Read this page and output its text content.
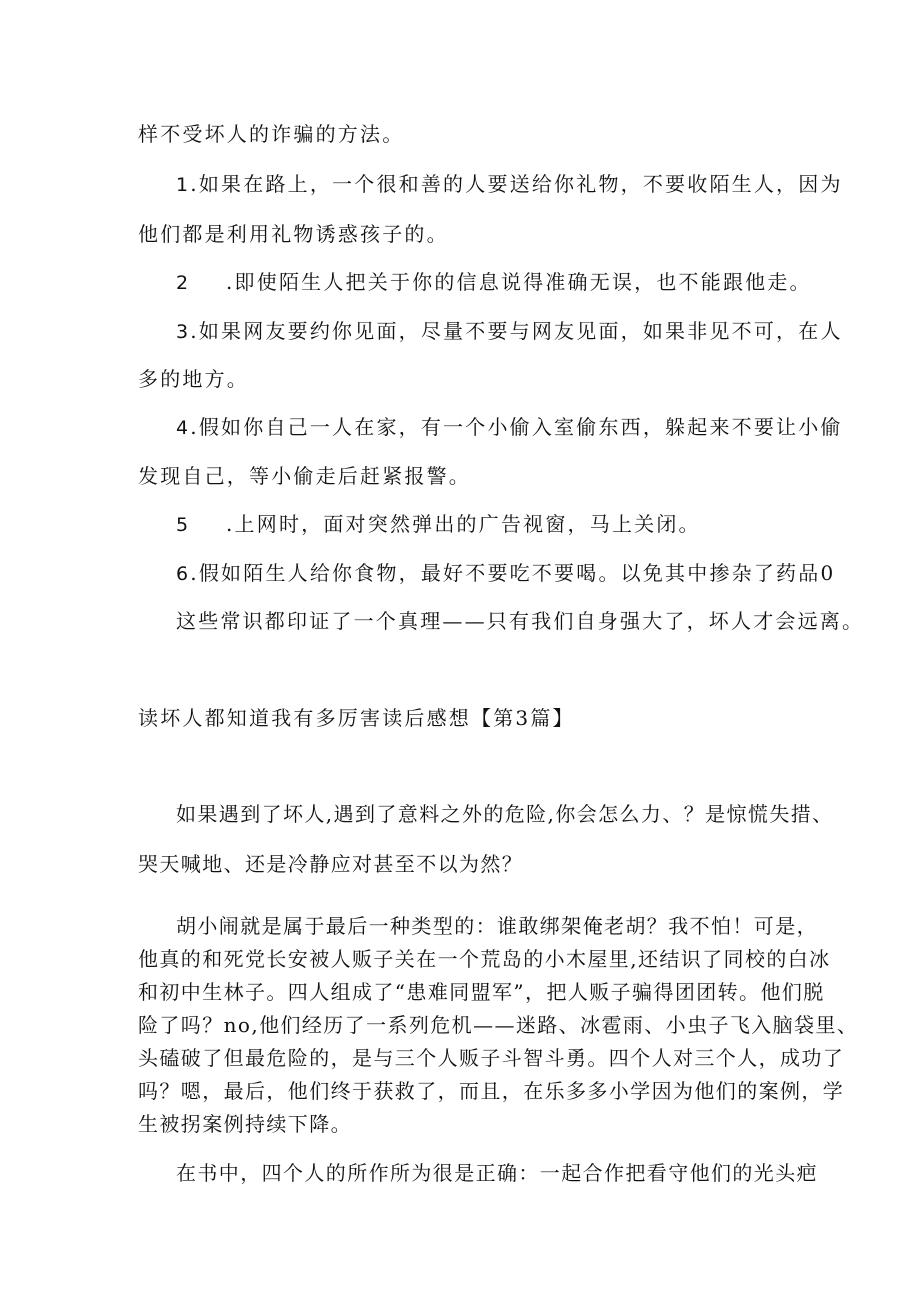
样不受坏人的诈骗的方法。
1.如果在路上，一个很和善的人要送给你礼物，不要收陌生人，因为
他们都是利用礼物诱惑孩子的。
2 .即使陌生人把关于你的信息说得准确无误，也不能跟他走。
3.如果网友要约你见面，尽量不要与网友见面，如果非见不可，在人
多的地方。
4.假如你自己一人在家，有一个小偷入室偷东西，躲起来不要让小偷
发现自己，等小偷走后赶紧报警。
5 .上网时，面对突然弹出的广告视窗，马上关闭。
6.假如陌生人给你食物，最好不要吃不要喝。以免其中掺杂了药品0
这些常识都印证了一个真理——只有我们自身强大了，坏人才会远离。
读坏人都知道我有多厉害读后感想【第3篇】
如果遇到了坏人,遇到了意料之外的危险,你会怎么力、？是惊慌失措、
哭天喊地、还是冷静应对甚至不以为然？
胡小闹就是属于最后一种类型的：谁敢绑架俺老胡？我不怕！可是，
他真的和死党长安被人贩子关在一个荒岛的小木屋里,还结识了同校的白冰
和初中生林子。四人组成了“患难同盟军”，把人贩子骗得团团转。他们脱
险了吗？no,他们经历了一系列危机——迷路、冰雹雨、小虫子飞入脑袋里、
头磕破了但最危险的，是与三个人贩子斗智斗勇。四个人对三个人，成功了
吗？嗯，最后，他们终于获救了，而且，在乐多多小学因为他们的案例，学
生被拐案例持续下降。
在书中，四个人的所作所为很是正确：一起合作把看守他们的光头疤
